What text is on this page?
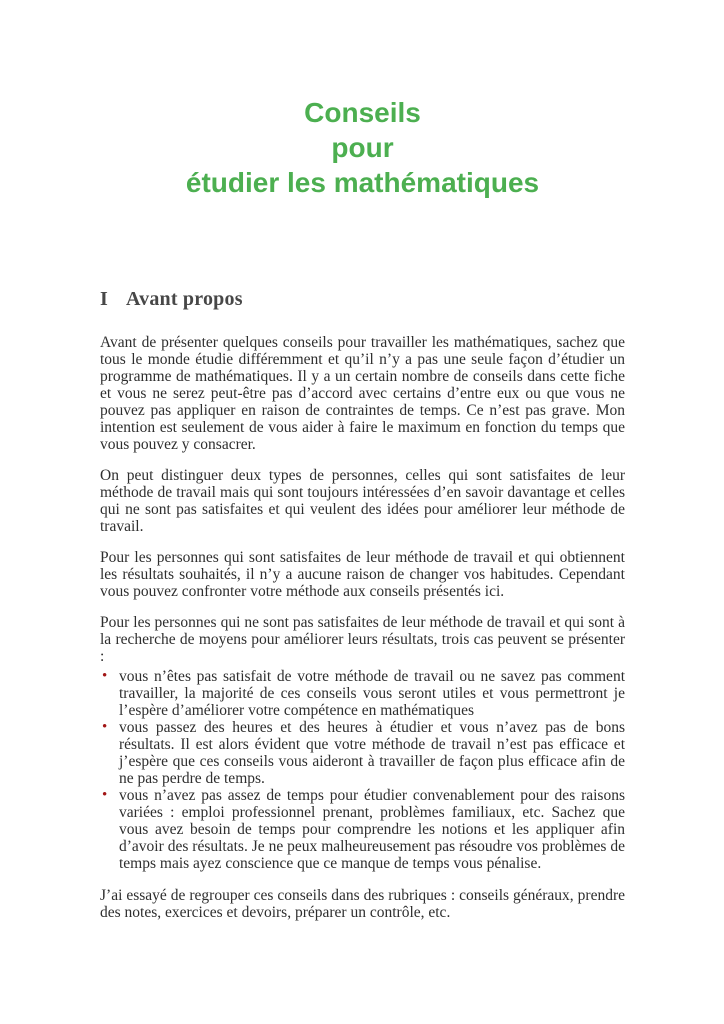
Conseils
pour
étudier les mathématiques
I Avant propos

Avant de présenter quelques conseils pour travailler les mathématiques, sachez que tous le monde étudie différemment et qu’il n’y a pas une seule façon d’étudier un programme de mathématiques. Il y a un certain nombre de conseils dans cette fiche et vous ne serez peut-être pas d’accord avec certains d’entre eux ou que vous ne pouvez pas appliquer en raison de contraintes de temps. Ce n’est pas grave. Mon intention est seulement de vous aider à faire le maximum en fonction du temps que vous pouvez y consacrer.

On peut distinguer deux types de personnes, celles qui sont satisfaites de leur méthode de travail mais qui sont toujours intéressées d’en savoir davantage et celles qui ne sont pas satisfaites et qui veulent des idées pour améliorer leur méthode de travail.

Pour les personnes qui sont satisfaites de leur méthode de travail et qui obtiennent les résultats souhaités, il n’y a aucune raison de changer vos habitudes. Cependant vous pouvez confronter votre méthode aux conseils présentés ici.

Pour les personnes qui ne sont pas satisfaites de leur méthode de travail et qui sont à la recherche de moyens pour améliorer leurs résultats, trois cas peuvent se présenter :

• vous n’êtes pas satisfait de votre méthode de travail ou ne savez pas comment travailler, la majorité de ces conseils vous seront utiles et vous permettront je l’espère d’améliorer votre compétence en mathématiques
• vous passez des heures et des heures à étudier et vous n’avez pas de bons résultats. Il est alors évident que votre méthode de travail n’est pas efficace et j’espère que ces conseils vous aideront à travailler de façon plus efficace afin de ne pas perdre de temps.
• vous n’avez pas assez de temps pour étudier convenablement pour des raisons variées : emploi professionnel prenant, problèmes familiaux, etc. Sachez que vous avez besoin de temps pour comprendre les notions et les appliquer afin d’avoir des résultats. Je ne peux malheureusement pas résoudre vos problèmes de temps mais ayez conscience que ce manque de temps vous pénalise.

J’ai essayé de regrouper ces conseils dans des rubriques : conseils généraux, prendre des notes, exercices et devoirs, préparer un contrôle, etc.
